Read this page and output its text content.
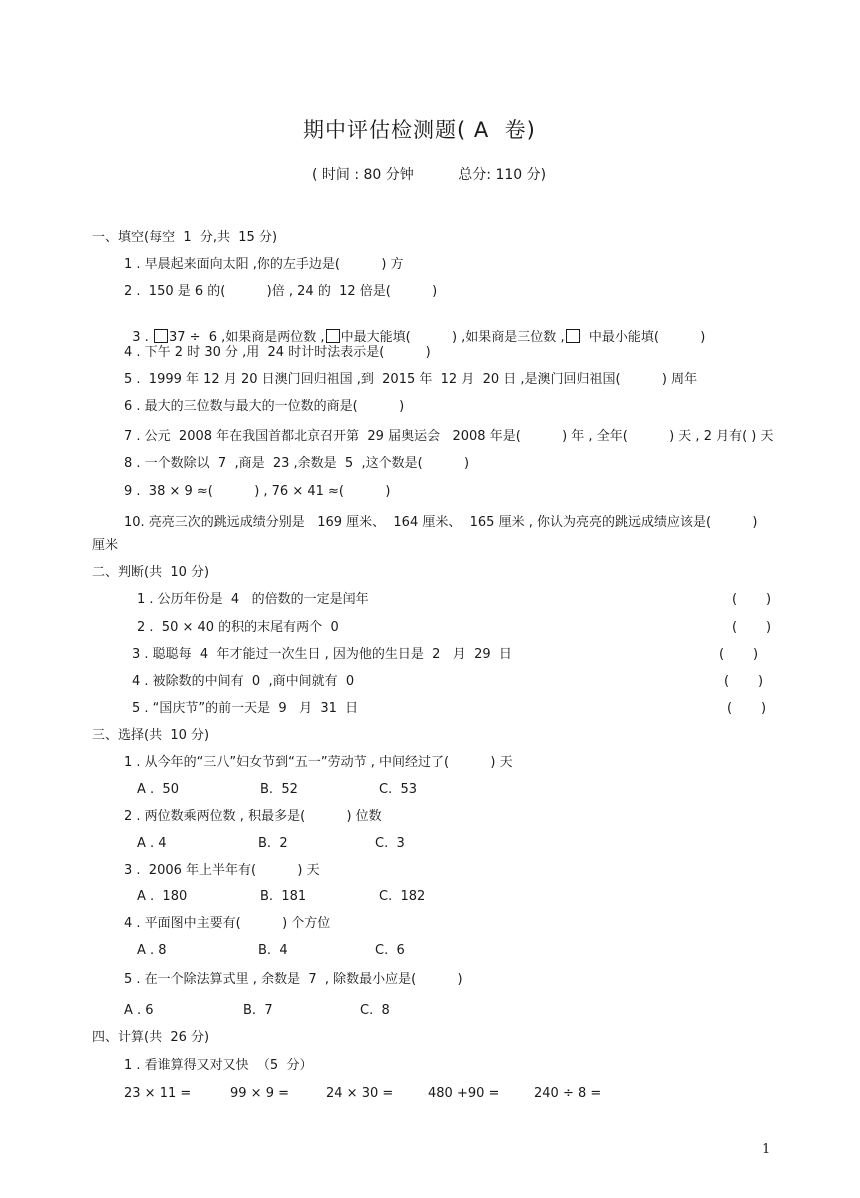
期中评估检测题( A  卷)
( 时间 : 80 分钟          总分: 110 分)
一、填空(每空  1  分,共  15 分)
1 . 早晨起来面向太阳 ,你的左手边是(          ) 方
2 .  150 是 6 的(          )倍 , 24 的  12 倍是(          )

3 . 37 ÷  6 ,如果商是两位数 , 中最大能填(          ) ,如果商是三位数 ,  中最小能填(          )

4 . 下午 2 时 30 分 ,用  24 时计时法表示是(          )
5 .  1999 年 12 月 20 日澳门回归祖国 ,到  2015 年  12 月  20 日 ,是澳门回归祖国(          ) 周年
6 . 最大的三位数与最大的一位数的商是(          )
7 . 公元  2008 年在我国首都北京召开第  29 届奥运会   2008 年是(          ) 年 , 全年(          ) 天 , 2 月有( ) 天
8 . 一个数除以  7  ,商是  23 ,余数是  5  ,这个数是(          )
9 .  38 × 9 ≈(          ) , 76 × 41 ≈(          )
10. 亮亮三次的跳远成绩分别是   169 厘米、  164 厘米、  165 厘米 , 你认为亮亮的跳远成绩应该是(          )
厘米
二、判断(共  10 分)
1 . 公历年份是  4   的倍数的一定是闰年	(       )
2 .  50 × 40 的积的末尾有两个  0	(       )
3 . 聪聪每  4  年才能过一次生日 , 因为他的生日是  2   月  29  日	(       )
4 . 被除数的中间有  0  ,商中间就有  0	(       )
5 . “国庆节”的前一天是  9   月  31  日	(       )
三、选择(共  10 分)
1 . 从今年的“三八”妇女节到“五一”劳动节 , 中间经过了(          ) 天
A .  50	B.  52	C.  53
2 . 两位数乘两位数 , 积最多是(          ) 位数
A . 4	B.  2	C.  3
3 .  2006 年上半年有(          ) 天
A .  180	B.  181	C.  182
4 . 平面图中主要有(          ) 个方位
A . 8	B.  4	C.  6
5 . 在一个除法算式里 , 余数是  7  , 除数最小应是(          )
A . 6	B.  7	C.  8
四、计算(共  26 分)
1 . 看谁算得又对又快  （5  分）
23 × 11 =	99 × 9 =	24 × 30 =	480 +90 =	240 ÷ 8 =
1
